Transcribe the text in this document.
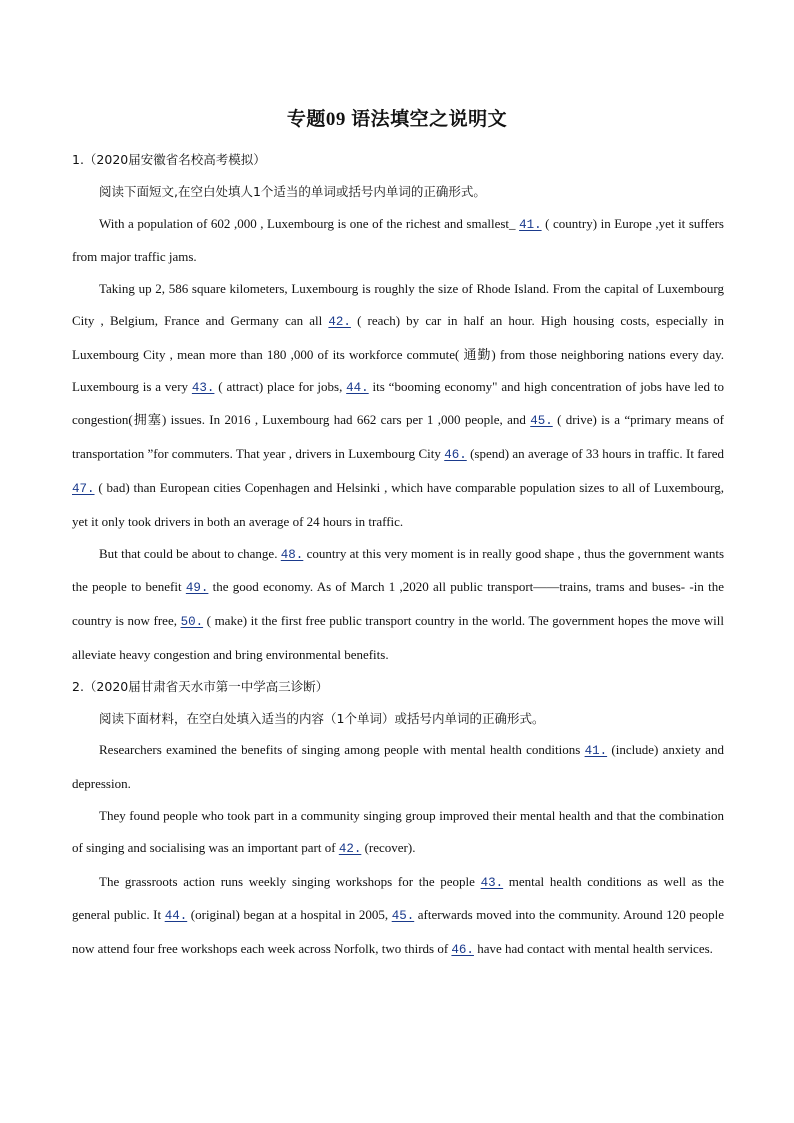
专题09 语法填空之说明文

1.（2020届安徽省名校高考模拟）

阅读下面短文,在空白处填人1个适当的单词或括号内单词的正确形式。

With a population of 602 ,000 , Luxembourg is one of the richest and smallest_ 41. ( country) in Europe ,yet it suffers from major traffic jams.

Taking up 2, 586 square kilometers, Luxembourg is roughly the size of Rhode Island. From the capital of Luxembourg City , Belgium, France and Germany can all 42. ( reach) by car in half an hour. High housing costs, especially in Luxembourg City , mean more than 180 ,000 of its workforce commute( 通勤) from those neighboring nations every day. Luxembourg is a very 43. ( attract) place for jobs, 44. its “booming economy" and high concentration of jobs have led to congestion(拥塞) issues. In 2016 , Luxembourg had 662 cars per 1 ,000 people, and 45. ( drive) is a “primary means of transportation ”for commuters. That year , drivers in Luxembourg City 46. (spend) an average of 33 hours in traffic. It fared 47. ( bad) than European cities Copenhagen and Helsinki , which have comparable population sizes to all of Luxembourg, yet it only took drivers in both an average of 24 hours in traffic.

But that could be about to change. 48. country at this very moment is in really good shape , thus the government wants the people to benefit 49. the good economy. As of March 1 ,2020 all public transport——trains, trams and buses- -in the country is now free, 50. ( make) it the first free public transport country in the world. The government hopes the move will alleviate heavy congestion and bring environmental benefits.

2.（2020届甘肃省天水市第一中学高三诊断）

阅读下面材料，在空白处填入适当的内容（1个单词）或括号内单词的正确形式。

Researchers examined the benefits of singing among people with mental health conditions 41. (include) anxiety and depression.

They found people who took part in a community singing group improved their mental health and that the combination of singing and socialising was an important part of 42. (recover).

The grassroots action runs weekly singing workshops for the people 43. mental health conditions as well as the general public. It 44. (original) began at a hospital in 2005, 45. afterwards moved into the community. Around 120 people now attend four free workshops each week across Norfolk, two thirds of 46. have had contact with mental health services.
